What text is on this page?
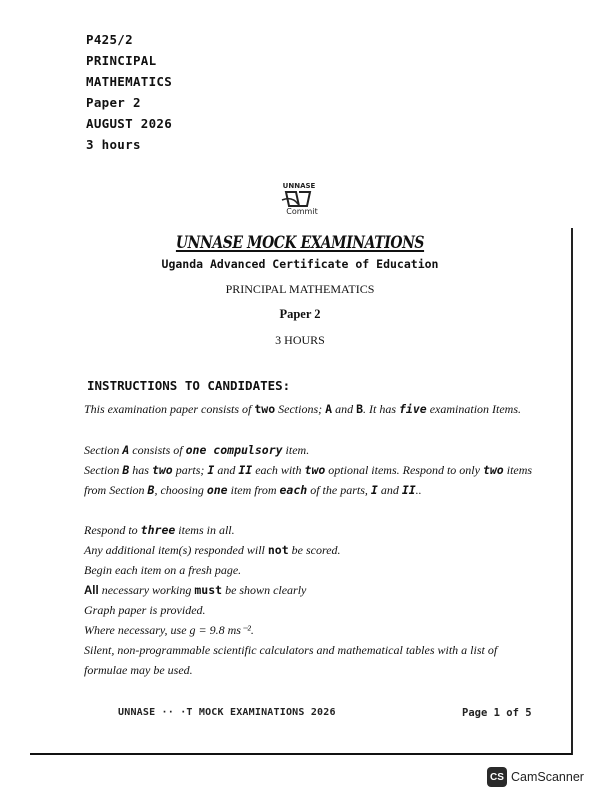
P425/2
PRINCIPAL
MATHEMATICS
Paper 2
AUGUST 2026
3 hours
UNNASE
Commit
UNNASE MOCK EXAMINATIONS
Uganda Advanced Certificate of Education
PRINCIPAL MATHEMATICS
Paper 2
3 HOURS
INSTRUCTIONS TO CANDIDATES:
This examination paper consists of two Sections; A and B. It has five examination Items.
Section A consists of one compulsory item.
Section B has two parts; I and II each with two optional items. Respond to only two items from Section B, choosing one item from each of the parts, I and II..
Respond to three items in all.
Any additional item(s) responded will not be scored.
Begin each item on a fresh page.
All necessary working must be shown clearly
Graph paper is provided.
Where necessary, use g = 9.8 ms⁻².
Silent, non-programmable scientific calculators and mathematical tables with a list of formulae may be used.
UNNASE ·· ·T MOCK EXAMINATIONS 2026	Page 1 of 5
CS CamScanner
